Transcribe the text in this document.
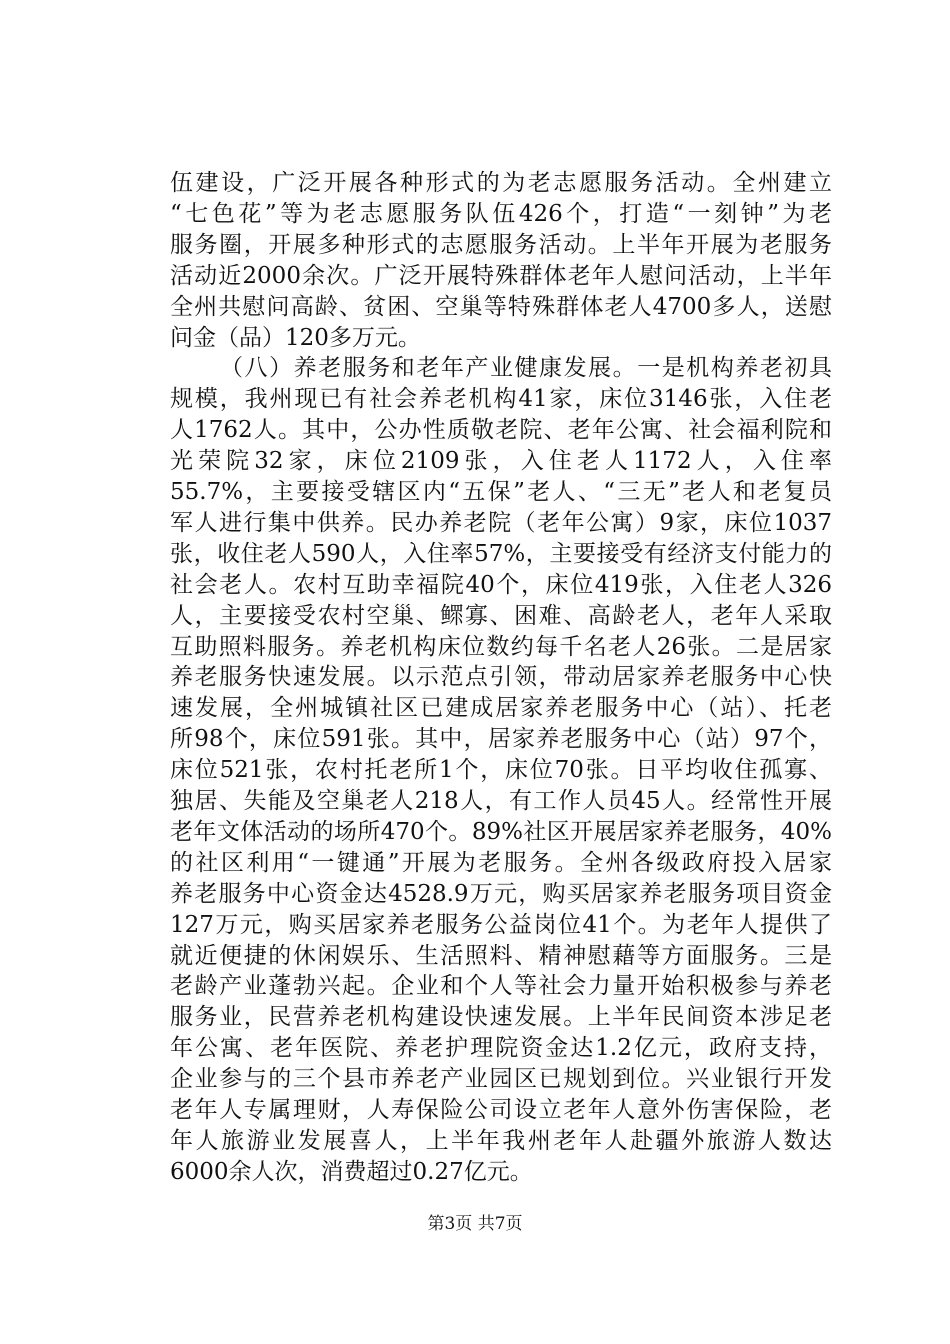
伍建设，广泛开展各种形式的为老志愿服务活动。全州建立
“七色花”等为老志愿服务队伍426个，打造“一刻钟”为老
服务圈，开展多种形式的志愿服务活动。上半年开展为老服务
活动近2000余次。广泛开展特殊群体老年人慰问活动，上半年
全州共慰问高龄、贫困、空巢等特殊群体老人4700多人，送慰
问金（品）120多万元。
（八）养老服务和老年产业健康发展。一是机构养老初具
规模，我州现已有社会养老机构41家，床位3146张，入住老
人1762人。其中，公办性质敬老院、老年公寓、社会福利院和
光荣院32家，床位2109张，入住老人1172人，入住率
55.7%，主要接受辖区内“五保”老人、“三无”老人和老复员
军人进行集中供养。民办养老院（老年公寓）9家，床位1037
张，收住老人590人，入住率57%，主要接受有经济支付能力的
社会老人。农村互助幸福院40个，床位419张，入住老人326
人，主要接受农村空巢、鳏寡、困难、高龄老人，老年人采取
互助照料服务。养老机构床位数约每千名老人26张。二是居家
养老服务快速发展。以示范点引领，带动居家养老服务中心快
速发展，全州城镇社区已建成居家养老服务中心（站）、托老
所98个，床位591张。其中，居家养老服务中心（站）97个，
床位521张，农村托老所1个，床位70张。日平均收住孤寡、
独居、失能及空巢老人218人，有工作人员45人。经常性开展
老年文体活动的场所470个。89%社区开展居家养老服务，40%
的社区利用“一键通”开展为老服务。全州各级政府投入居家
养老服务中心资金达4528.9万元，购买居家养老服务项目资金
127万元，购买居家养老服务公益岗位41个。为老年人提供了
就近便捷的休闲娱乐、生活照料、精神慰藉等方面服务。三是
老龄产业蓬勃兴起。企业和个人等社会力量开始积极参与养老
服务业，民营养老机构建设快速发展。上半年民间资本涉足老
年公寓、老年医院、养老护理院资金达1.2亿元，政府支持，
企业参与的三个县市养老产业园区已规划到位。兴业银行开发
老年人专属理财，人寿保险公司设立老年人意外伤害保险，老
年人旅游业发展喜人，上半年我州老年人赴疆外旅游人数达
6000余人次，消费超过0.27亿元。
第3页 共7页
